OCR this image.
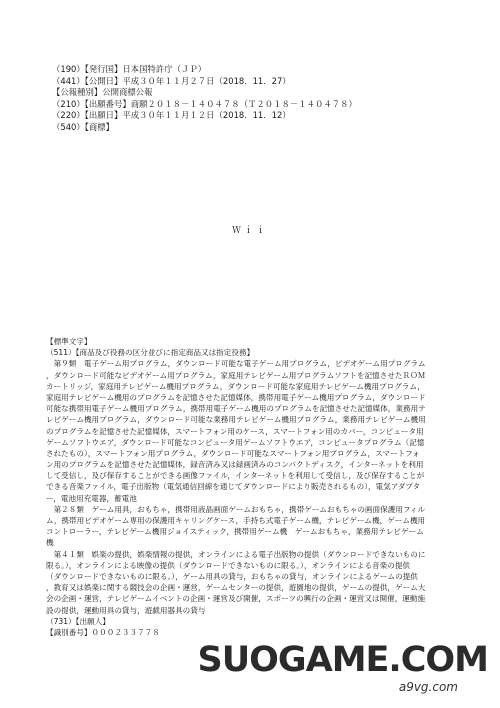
（190）【発行国】日本国特許庁（ＪＰ）
（441）【公開日】平成３０年１１月２７日（2018．11．27）
【公報種別】公開商標公報
（210）【出願番号】商願２０１８－１４０４７８（Ｔ２０１８－１４０４７８）
（220）【出願日】平成３０年１１月１２日（2018．11．12）
（540）【商標】
Ｗｉｉ
【標準文字】
（511）【商品及び役務の区分並びに指定商品又は指定役務】
　第９類　電子ゲーム用プログラム，ダウンロード可能な電子ゲーム用プログラム，ビデオゲーム用プログラム
，ダウンロード可能なビデオゲーム用プログラム，家庭用テレビゲーム用プログラムソフトを記憶させたＲＯＭ
カートリッジ，家庭用テレビゲーム機用プログラム，ダウンロード可能な家庭用テレビゲーム機用プログラム，
家庭用テレビゲーム機用のプログラムを記憶させた記憶媒体，携帯用電子ゲーム機用プログラム，ダウンロード
可能な携帯用電子ゲーム機用プログラム，携帯用電子ゲーム機用のプログラムを記憶させた記憶媒体，業務用テ
レビゲーム機用プログラム，ダウンロード可能な業務用テレビゲーム機用プログラム，業務用テレビゲーム機用
のプログラムを記憶させた記憶媒体，スマートフォン用のケース，スマートフォン用のカバー，コンピュータ用
ゲームソフトウエア，ダウンロード可能なコンピュータ用ゲームソフトウエア，コンピュータプログラム（記憶
されたもの），スマートフォン用プログラム，ダウンロード可能なスマートフォン用プログラム，スマートフォ
ン用のプログラムを記憶させた記憶媒体，録音済み又は録画済みのコンパクトディスク，インターネットを利用
して受信し，及び保存することができる画像ファイル，インターネットを利用して受信し，及び保存することが
できる音楽ファイル，電子出版物（電気通信回線を通じてダウンロードにより販売されるもの），電気アダプタ
ー，電池用充電器，蓄電池
　第２８類　ゲーム用具，おもちゃ，携帯用液晶画面ゲームおもちゃ，携帯ゲームおもちゃの画面保護用フィル
ム，携帯用ビデオゲーム専用の保護用キャリングケース，手持ち式電子ゲーム機，テレビゲーム機，ゲーム機用
コントローラー，テレビゲーム機用ジョイスティック，携帯用ゲーム機　ゲームおもちゃ，業務用テレビゲーム
機
　第４１類　娯楽の提供，娯楽情報の提供，オンラインによる電子出版物の提供（ダウンロードできないものに
限る。），オンラインによる映像の提供（ダウンロードできないものに限る。），オンラインによる音楽の提供
（ダウンロードできないものに限る。），ゲーム用具の貸与，おもちゃの貸与，オンラインによるゲームの提供
，教育又は娯楽に関する競技会の企画・運営，ゲームセンターの提供，遊園地の提供，ゲームの提供，ゲーム大
会の企画・運営，テレビゲームイベントの企画・運営及び開催，スポーツの興行の企画・運営又は開催，運動施
設の提供，運動用具の貸与，遊戯用器具の貸与
（731）【出願人】
【識別番号】０００２３３７７８
SUOGAME.COM
a9vg.com
